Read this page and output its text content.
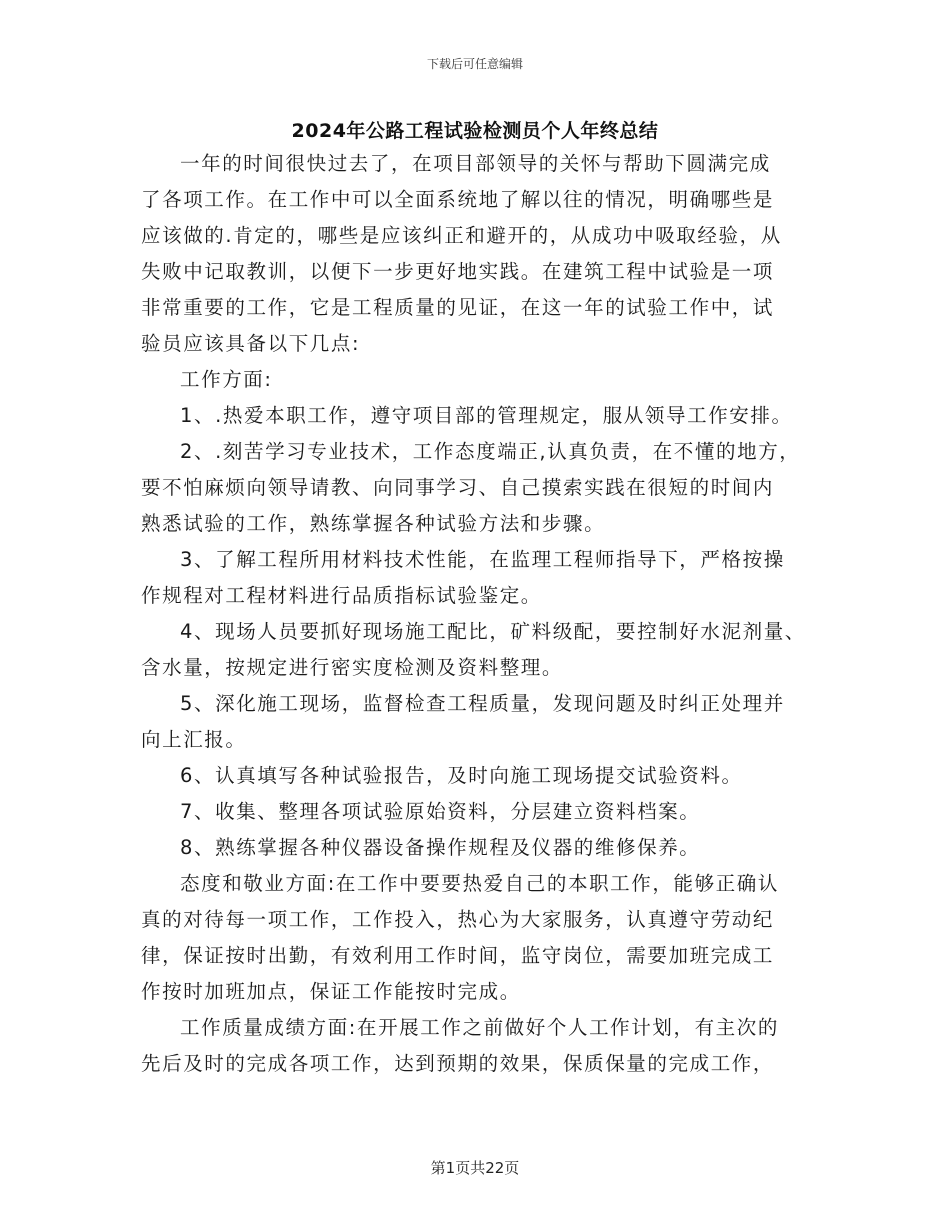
下载后可任意编辑
2024年公路工程试验检测员个人年终总结

一年的时间很快过去了，在项目部领导的关怀与帮助下圆满完成
了各项工作。在工作中可以全面系统地了解以往的情况，明确哪些是
应该做的.肯定的，哪些是应该纠正和避开的，从成功中吸取经验，从
失败中记取教训，以便下一步更好地实践。在建筑工程中试验是一项
非常重要的工作，它是工程质量的见证，在这一年的试验工作中，试
验员应该具备以下几点:

工作方面:

1、.热爱本职工作，遵守项目部的管理规定，服从领导工作安排。

2、.刻苦学习专业技术，工作态度端正,认真负责，在不懂的地方，
要不怕麻烦向领导请教、向同事学习、自己摸索实践在很短的时间内
熟悉试验的工作，熟练掌握各种试验方法和步骤。

3、了解工程所用材料技术性能，在监理工程师指导下，严格按操
作规程对工程材料进行品质指标试验鉴定。

4、现场人员要抓好现场施工配比，矿料级配，要控制好水泥剂量、
含水量，按规定进行密实度检测及资料整理。

5、深化施工现场，监督检查工程质量，发现问题及时纠正处理并
向上汇报。

6、认真填写各种试验报告，及时向施工现场提交试验资料。

7、收集、整理各项试验原始资料，分层建立资料档案。

8、熟练掌握各种仪器设备操作规程及仪器的维修保养。

态度和敬业方面:在工作中要要热爱自己的本职工作，能够正确认
真的对待每一项工作，工作投入，热心为大家服务，认真遵守劳动纪
律，保证按时出勤，有效利用工作时间，监守岗位，需要加班完成工
作按时加班加点，保证工作能按时完成。

工作质量成绩方面:在开展工作之前做好个人工作计划，有主次的
先后及时的完成各项工作，达到预期的效果，保质保量的完成工作，

第1页共22页
